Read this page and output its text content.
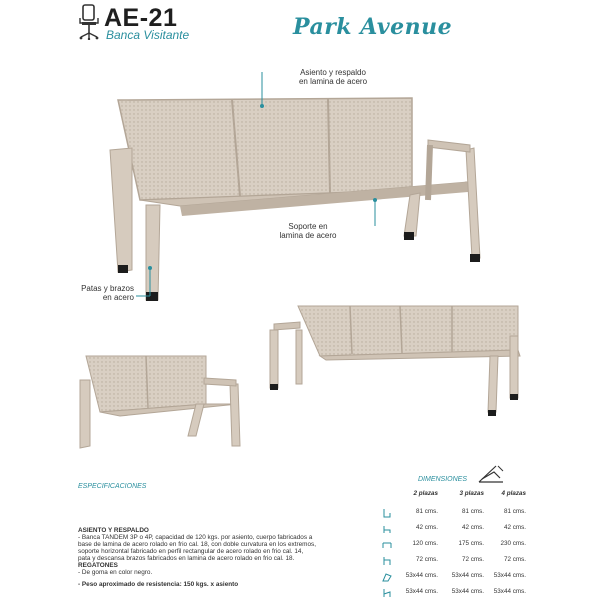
AE-21
Banca Visitante	Park Avenue
Asiento y respaldo
en lamina de acero
Soporte en
lamina de acero
Patas y brazos
en acero
ESPECIFICACIONES
ASIENTO Y RESPALDO
- Banca TANDEM 3P o 4P, capacidad de 120 kgs. por asiento, cuerpo fabricados a
base de lamina de acero rolado en frio cal. 18, con doble curvatura en los extremos,
soporte horizontal fabricado en perfil rectangular de acero rolado en frio cal. 14,
pata y descansa brazos fabricados en lamina de acero rolado en frio cal. 18.
REGATONES
- De goma en color negro.
- Peso aproximado de resistencia: 150 kgs. x asiento
DIMENSIONES
2 plazas	3 plazas	4 plazas
81 cms.	81 cms.	81 cms.
42 cms.	42 cms.	42 cms.
120 cms.	175 cms.	230 cms.
72 cms.	72 cms.	72 cms.
53x44 cms.	53x44 cms.	53x44 cms.
53x44 cms.	53x44 cms.	53x44 cms.
